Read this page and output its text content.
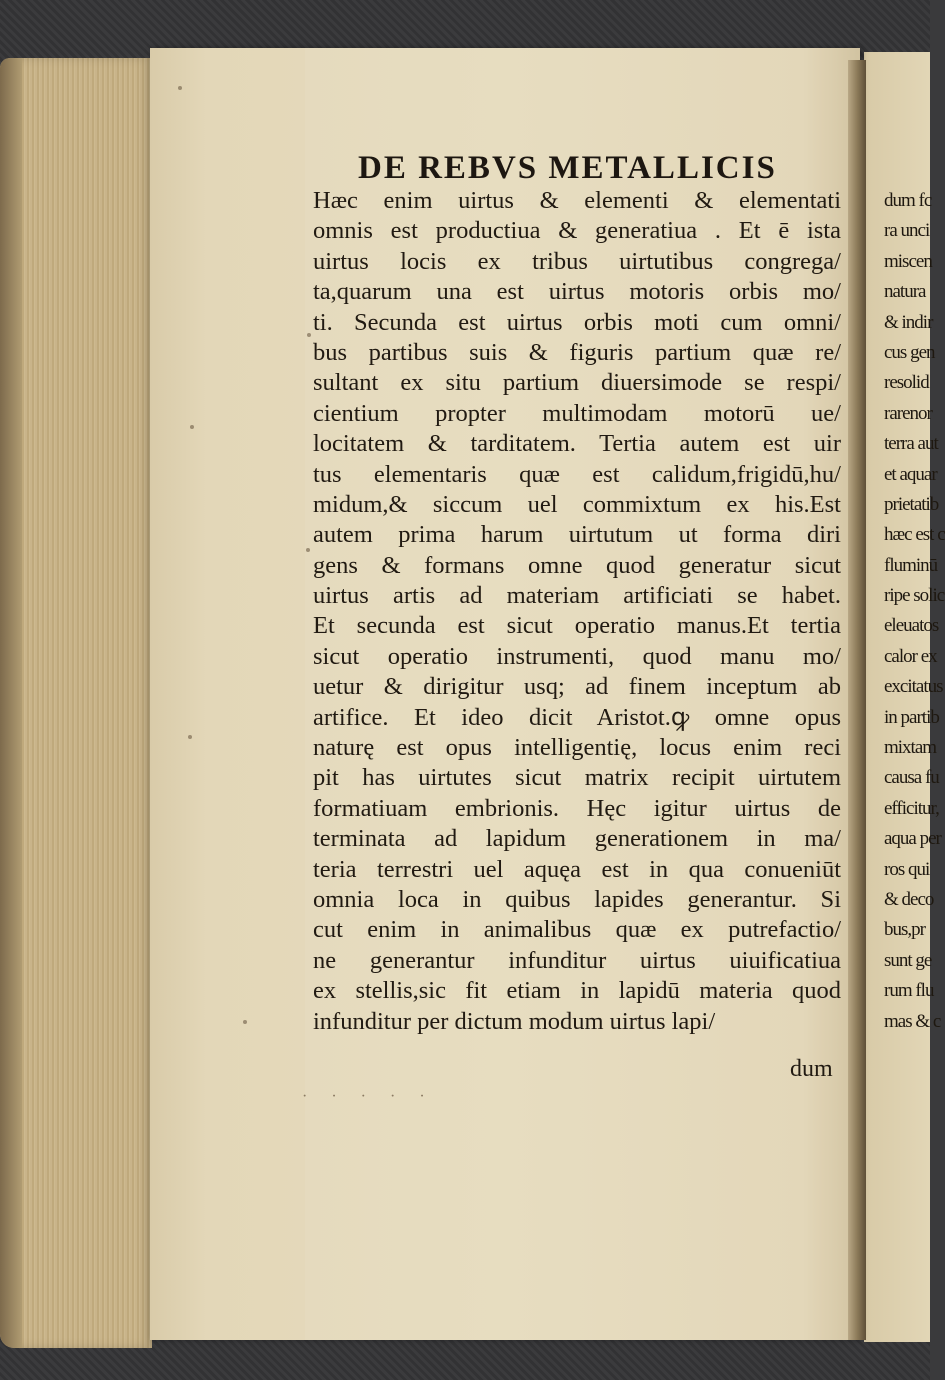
DE REBVS METALLICIS
Hæc enim uirtus & elementi & elementati
omnis est productiua & generatiua . Et ē ista
uirtus locis ex tribus uirtutibus congrega/
ta,quarum una est uirtus motoris orbis mo/
ti. Secunda est uirtus orbis moti cum omni/
bus partibus suis & figuris partium quæ re/
sultant ex situ partium diuersimode se respi/
cientium propter multimodam motorū ue/
locitatem & tarditatem. Tertia autem est uir
tus elementaris quæ est calidum,frigidū,hu/
midum,& siccum uel commixtum ex his.Est
autem prima harum uirtutum ut forma diri
gens & formans omne quod generatur sicut
uirtus artis ad materiam artificiati se habet.
Et secunda est sicut operatio manus.Et tertia
sicut operatio instrumenti, quod manu mo/
uetur & dirigitur usq; ad finem inceptum ab
artifice. Et ideo dicit Aristot.ꝙ omne opus
naturę est opus intelligentię, locus enim reci
pit has uirtutes sicut matrix recipit uirtutem
formatiuam embrionis. Hęc igitur uirtus de
terminata ad lapidum generationem in ma/
teria terrestri uel aquęa est in qua conueniūt
omnia loca in quibus lapides generantur. Si
cut enim in animalibus quæ ex putrefactio/
ne generantur infunditur uirtus uiuificatiua
ex stellis,sic fit etiam in lapidū materia quod
infunditur per dictum modum uirtus lapi/
dum
· · · · ·
dum fc
ra unci
miscen
natura
& indir
cus gen
resolid
rarenor
terra aut
et aquar
prietatib
hæc est c
fluminū
ripe solic
eleuatos
calor ex
excitatus
in partib
mixtam
causa fu
efficitur,
aqua per
ros qui
& deco
bus,pr
sunt ge
rum flu
mas & c
